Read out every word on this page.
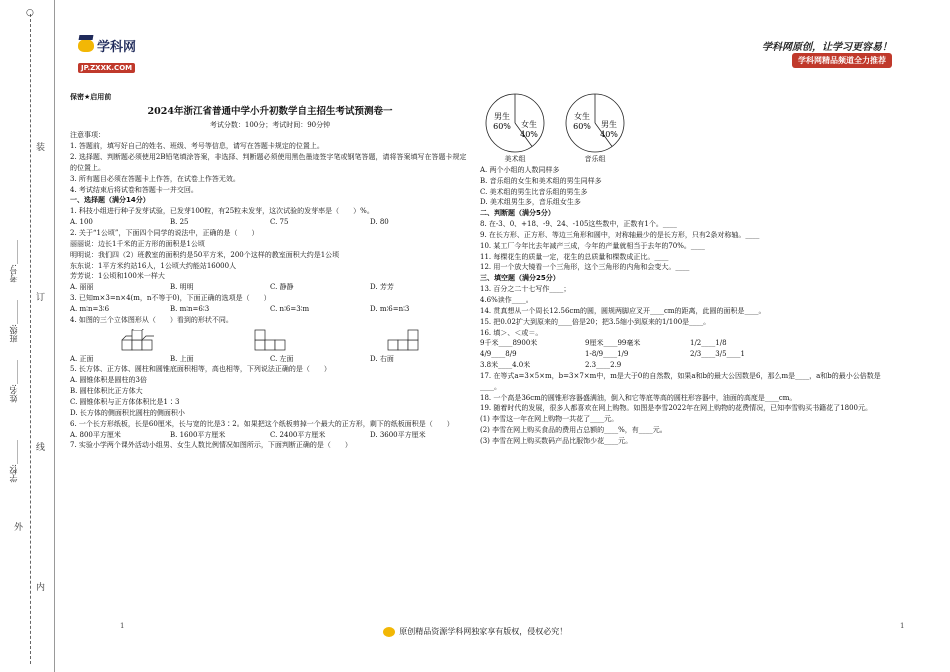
○
学校:______
姓名:______
班级:______
考号:______
装
订
线
内
外
学科网
JP.ZXXK.COM
学科网原创，让学习更容易！
学科网精品频道全力推荐
保密★启用前
2024年浙江省普通中学小升初数学自主招生考试预测卷一
考试分数：100分；考试时间：90分钟
注意事项：
1. 答题前，填写好自己的姓名、班级、考号等信息，请写在答题卡规定的位置上。
2. 选择题、判断题必须使用2B铅笔填涂答案，非选择、判断题必须使用黑色墨迹签字笔或钢笔答题，请将答案填写在答题卡规定的位置上。
3. 所有题目必须在答题卡上作答，在试卷上作答无效。
4. 考试结束后将试卷和答题卡一并交回。
一、选择题（满分14分）
1. 科技小组进行种子发芽试验，已发芽100粒，有25粒未发芽，这次试验的发芽率是（　　）%。
A. 100	B. 25	C. 75	D. 80
2. 关于“1公顷”，下面四个同学的说法中，正确的是（　　）
丽丽说：边长1千米的正方形的面积是1公顷
明明说：我们四（2）班教室的面积约是50平方米，200个这样的教室面积大约是1公顷
东东说：1平方米约站16人，1公顷大约能站16000人
芳芳说：1公顷和100米一样大
A. 丽丽	B. 明明	C. 静静	D. 芳芳
3. 已知m×3=n×4(m，n不等于0)，下面正确的选项是（　　）
A. m∶n=3∶6	B. m∶n=6∶3	C. n∶6=3∶m	D. m∶6=n∶3
4. 如图的三个立体图形从（　　）看到的形状不同。
A. 正面	B. 上面	C. 左面	D. 右面
5. 长方体、正方体、圆柱和圆锥底面积相等，高也相等，下列说法正确的是（　　）
A. 圆锥体积是圆柱的3倍
B. 圆柱体积比正方体大
C. 圆锥体积与正方体体积比是1∶3
D. 长方体的侧面积比圆柱的侧面积小
6. 一个长方形纸板，长是60厘米，长与宽的比是3∶2。如果把这个纸板剪掉一个最大的正方形，剩下的纸板面积是（　　）
A. 800平方厘米	B. 1600平方厘米	C. 2400平方厘米	D. 3600平方厘米
7. 实验小学两个课外活动小组男、女生人数比例情况如图所示，下面判断正确的是（　　）
男生
60% 女生
40%
美术组
女生
60% 男生
40%
音乐组
A. 两个小组的人数同样多
B. 音乐组的女生和美术组的男生同样多
C. 美术组的男生比音乐组的男生多
D. 美术组男生多，音乐组女生多
二、判断题（满分5分）
8. 在-3、0、+18、-9、24、-105这些数中，正数有1个。____
9. 在长方形、正方形、等边三角形和圆中，对称轴最少的是长方形，只有2条对称轴。____
10. 某工厂今年比去年减产三成，今年的产量就相当于去年的70%。____
11. 每棵花生的质量一定，花生的总质量和棵数成正比。____
12. 用一个放大镜看一个三角形，这个三角形的内角和会变大。____
三、填空题（满分25分）
13. 百分之二十七写作____；
4.6%读作____。
14. 贯真想从一个周长12.56cm的圆，圆规两脚应叉开____cm的距离，此圆的面积是____。
15. 把0.02扩大到原来的____倍是20；把3.5缩小到原来的1/100是____。
16. 填＞、＜或＝。
9千米____8900米	9厘米____99毫米	1/2____1/8
4/9____8/9	1-8/9____1/9	2/3____3/5____1
3.8米____4.0米	2.3____2.9
17. 在等式a=3×5×m，b=3×7×m中，m是大于0的自然数，如果a和b的最大公因数是6，那么m是____，a和b的最小公倍数是____。
18. 一个高是36cm的圆锥形容器盛满油，倒入和它等底等高的圆柱形容器中，油面的高度是____cm。
19. 随着时代的发展，很多人都喜欢在网上购物。如图是李雪2022年在网上购物的花费情况，已知李雪购买书籍花了1800元。
(1) 李雪这一年在网上购物一共花了____元。
(2) 李雪在网上购买食品的费用占总额的____%，有____元。
(3) 李雪在网上购买数码产品比服饰少花____元。
1	1
原创精品资源学科网独家享有版权，侵权必究！
